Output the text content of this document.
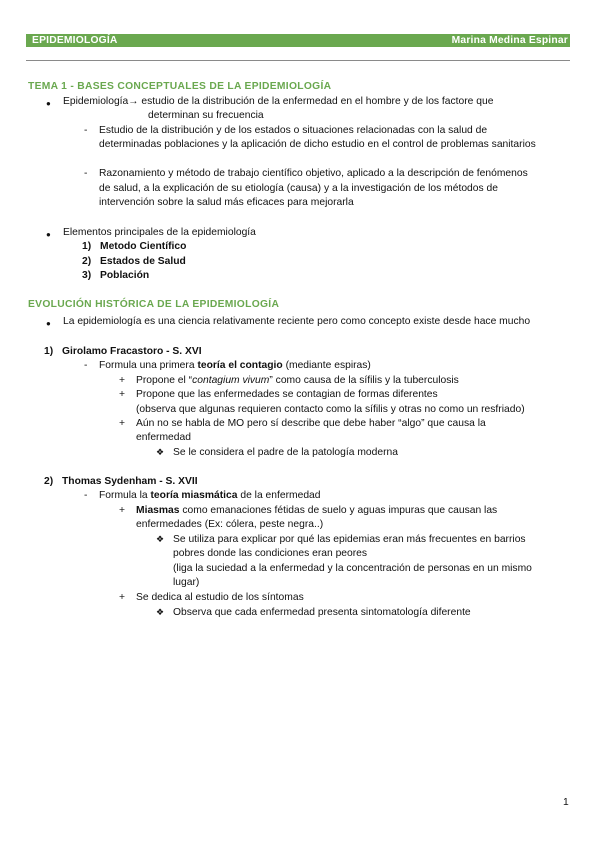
EPIDEMIOLOGÍA	Marina Medina Espinar
TEMA 1 - BASES CONCEPTUALES DE LA EPIDEMIOLOGÍA
● Epidemiología→ estudio de la distribución de la enfermedad en el hombre y de los factore que
determinan su frecuencia
- Estudio de la distribución y de los estados o situaciones relacionadas con la salud de
determinadas poblaciones y la aplicación de dicho estudio en el control de problemas sanitarios
- Razonamiento y método de trabajo científico objetivo, aplicado a la descripción de fenómenos
de salud, a la explicación de su etiología (causa) y a la investigación de los métodos de
intervención sobre la salud más eficaces para mejorarla
● Elementos principales de la epidemiología
1) Metodo Científico
2) Estados de Salud
3) Población
EVOLUCIÓN HISTÓRICA DE LA EPIDEMIOLOGÍA
● La epidemiología es una ciencia relativamente reciente pero como concepto existe desde hace mucho
1) Girolamo Fracastoro - S. XVI
- Formula una primera teoría el contagio (mediante espiras)
+ Propone el “contagium vivum” como causa de la sífilis y la tuberculosis
+ Propone que las enfermedades se contagian de formas diferentes
(observa que algunas requieren contacto como la sífilis y otras no como un resfriado)
+ Aún no se habla de MO pero sí describe que debe haber “algo” que causa la
enfermedad
❖ Se le considera el padre de la patología moderna
2) Thomas Sydenham - S. XVII
- Formula la teoría miasmática de la enfermedad
+ Miasmas como emanaciones fétidas de suelo y aguas impuras que causan las
enfermedades (Ex: cólera, peste negra..)
❖ Se utiliza para explicar por qué las epidemias eran más frecuentes en barrios
pobres donde las condiciones eran peores
(liga la suciedad a la enfermedad y la concentración de personas en un mismo
lugar)
+ Se dedica al estudio de los síntomas
❖ Observa que cada enfermedad presenta sintomatología diferente
1
